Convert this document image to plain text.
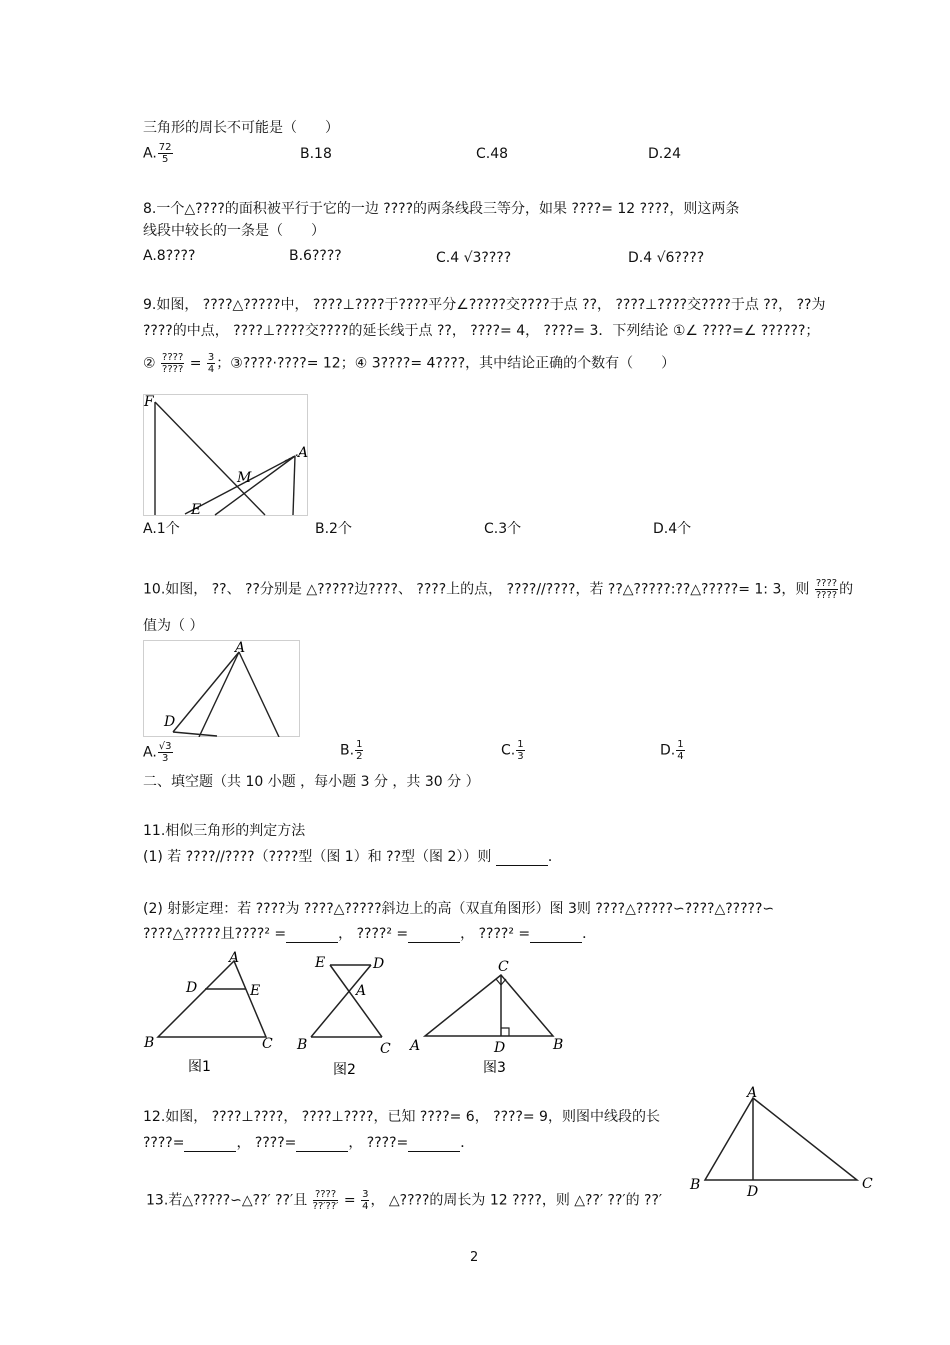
三角形的周长不可能是（　　）
A. $\frac{72}{5}$	B.18	C.48	D.24
8.一个△????的面积被平行于它的一边 ????的两条线段三等分，如果 ????= 12 ????，则这两条
线段中较长的一条是（　　）
A.8????	B.6????	C.4 √3????	D.4 √6????
9.如图， ????△?????中， ????⊥????于????平分∠?????交????于点 ??， ????⊥????交????于点 ??， ??为
????的中点， ????⊥????交????的延长线于点 ??， ????= 4， ????= 3．下列结论 ①∠ ????=∠ ??????；
② $\frac{????}{????} = \frac{3}{4}$ ；③????·????= 12；④ 3????= 4????，其中结论正确的个数有（　　）
F
M
A
E
A.1个	B.2个	C.3个	D.4个
10.如图， ??、 ??分别是 △?????边????、 ????上的点， ????//????，若 ??△?????:??△?????= 1: 3，则 $\frac{????}{????}$ 的
值为（ ）
A
D
A. $\frac{√3}{3}$	B. $\frac{1}{2}$	C. $\frac{1}{3}$	D. $\frac{1}{4}$
二、填空题（共 10 小题 ，每小题 3 分 ，共 30 分 ）
11.相似三角形的判定方法
(1) 若 ????//????（????型（图 1）和 ??型（图 2））则	．
(2) 射影定理：若 ????为 ????△?????斜边上的高（双直角图形）图 3则 ????△?????∽????△?????∽
????△?????且????² =	， ????² =	， ????² =	．
A
D	E
B	C
图1
E	D
A
B	C
图2
C
A	D	B
图3
12.如图， ????⊥????， ????⊥????，已知 ????= 6， ????= 9，则图中线段的长
????=	， ????=	， ????=	．
A
B	D	C
13.若△?????∽△??′ ??′且 $\frac{????}{??'??'} = \frac{3}{4}$ ， △????的周长为 12 ????，则 △??′ ??′的 ??′
2
